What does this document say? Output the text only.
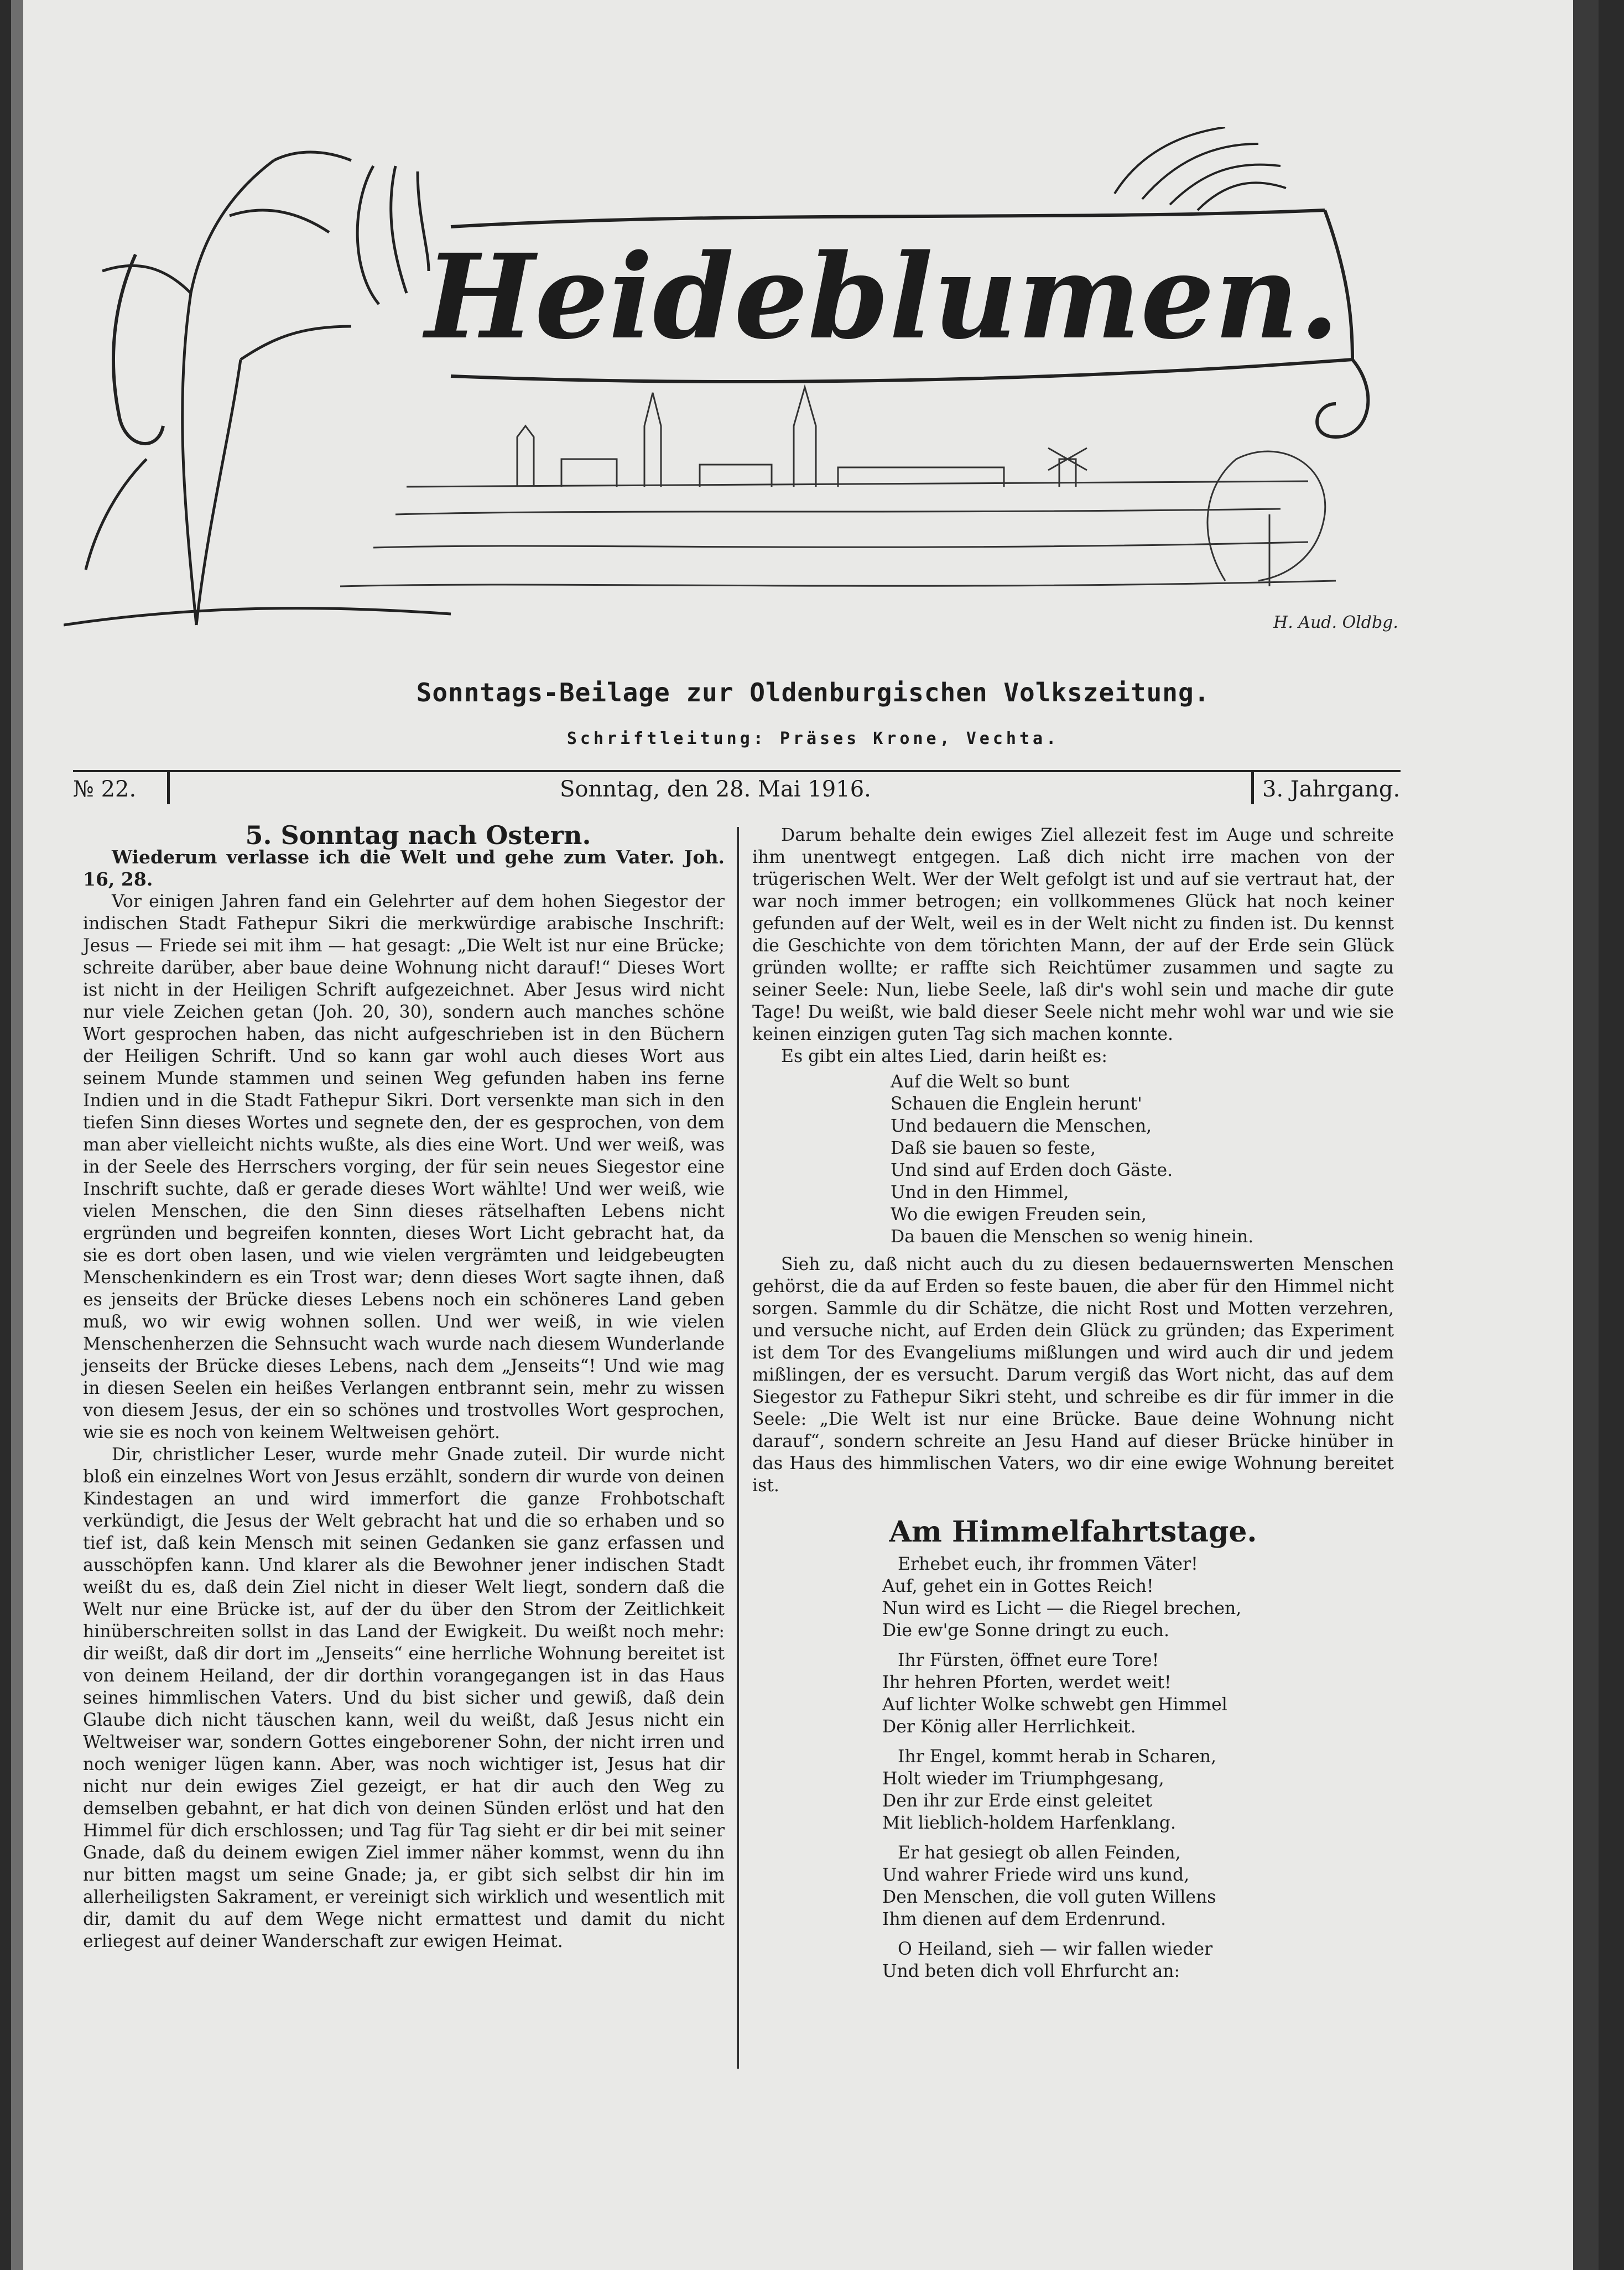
Heideblumen.
H. Aud. Oldbg.
Sonntags-Beilage zur Oldenburgischen Volkszeitung.
Schriftleitung: Präses Krone, Vechta.
№ 22.	Sonntag, den 28. Mai 1916.	3. Jahrgang.

5. Sonntag nach Ostern.

Wiederum verlasse ich die Welt und gehe zum Vater. Joh. 16, 28.

Vor einigen Jahren fand ein Gelehrter auf dem hohen Siegestor der indischen Stadt Fathepur Sikri die merkwürdige arabische Inschrift: Jesus — Friede sei mit ihm — hat gesagt: „Die Welt ist nur eine Brücke; schreite darüber, aber baue deine Wohnung nicht darauf!“ Dieses Wort ist nicht in der Heiligen Schrift aufgezeichnet. Aber Jesus wird nicht nur viele Zeichen getan (Joh. 20, 30), sondern auch manches schöne Wort gesprochen haben, das nicht aufgeschrieben ist in den Büchern der Heiligen Schrift. Und so kann gar wohl auch dieses Wort aus seinem Munde stammen und seinen Weg gefunden haben ins ferne Indien und in die Stadt Fathepur Sikri. Dort versenkte man sich in den tiefen Sinn dieses Wortes und segnete den, der es gesprochen, von dem man aber vielleicht nichts wußte, als dies eine Wort. Und wer weiß, was in der Seele des Herrschers vorging, der für sein neues Siegestor eine Inschrift suchte, daß er gerade dieses Wort wählte! Und wer weiß, wie vielen Menschen, die den Sinn dieses rätselhaften Lebens nicht ergründen und begreifen konnten, dieses Wort Licht gebracht hat, da sie es dort oben lasen, und wie vielen vergrämten und leidgebeugten Menschenkindern es ein Trost war; denn dieses Wort sagte ihnen, daß es jenseits der Brücke dieses Lebens noch ein schöneres Land geben muß, wo wir ewig wohnen sollen. Und wer weiß, in wie vielen Menschenherzen die Sehnsucht wach wurde nach diesem Wunderlande jenseits der Brücke dieses Lebens, nach dem „Jenseits“! Und wie mag in diesen Seelen ein heißes Verlangen entbrannt sein, mehr zu wissen von diesem Jesus, der ein so schönes und trostvolles Wort gesprochen, wie sie es noch von keinem Weltweisen gehört.

Dir, christlicher Leser, wurde mehr Gnade zuteil. Dir wurde nicht bloß ein einzelnes Wort von Jesus erzählt, sondern dir wurde von deinen Kindestagen an und wird immerfort die ganze Frohbotschaft verkündigt, die Jesus der Welt gebracht hat und die so erhaben und so tief ist, daß kein Mensch mit seinen Gedanken sie ganz erfassen und ausschöpfen kann. Und klarer als die Bewohner jener indischen Stadt weißt du es, daß dein Ziel nicht in dieser Welt liegt, sondern daß die Welt nur eine Brücke ist, auf der du über den Strom der Zeitlichkeit hinüberschreiten sollst in das Land der Ewigkeit. Du weißt noch mehr: dir weißt, daß dir dort im „Jenseits“ eine herrliche Wohnung bereitet ist von deinem Heiland, der dir dorthin vorangegangen ist in das Haus seines himmlischen Vaters. Und du bist sicher und gewiß, daß dein Glaube dich nicht täuschen kann, weil du weißt, daß Jesus nicht ein Weltweiser war, sondern Gottes eingeborener Sohn, der nicht irren und noch weniger lügen kann. Aber, was noch wichtiger ist, Jesus hat dir nicht nur dein ewiges Ziel gezeigt, er hat dir auch den Weg zu demselben gebahnt, er hat dich von deinen Sünden erlöst und hat den Himmel für dich erschlossen; und Tag für Tag sieht er dir bei mit seiner Gnade, daß du deinem ewigen Ziel immer näher kommst, wenn du ihn nur bitten magst um seine Gnade; ja, er gibt sich selbst dir hin im allerheiligsten Sakrament, er vereinigt sich wirklich und wesentlich mit dir, damit du auf dem Wege nicht ermattest und damit du nicht erliegest auf deiner Wanderschaft zur ewigen Heimat.

Darum behalte dein ewiges Ziel allezeit fest im Auge und schreite ihm unentwegt entgegen. Laß dich nicht irre machen von der trügerischen Welt. Wer der Welt gefolgt ist und auf sie vertraut hat, der war noch immer betrogen; ein vollkommenes Glück hat noch keiner gefunden auf der Welt, weil es in der Welt nicht zu finden ist. Du kennst die Geschichte von dem törichten Mann, der auf der Erde sein Glück gründen wollte; er raffte sich Reichtümer zusammen und sagte zu seiner Seele: Nun, liebe Seele, laß dir's wohl sein und mache dir gute Tage! Du weißt, wie bald dieser Seele nicht mehr wohl war und wie sie keinen einzigen guten Tag sich machen konnte.

Es gibt ein altes Lied, darin heißt es:

Auf die Welt so bunt
Schauen die Englein herunt'
Und bedauern die Menschen,
Daß sie bauen so feste,
Und sind auf Erden doch Gäste.
Und in den Himmel,
Wo die ewigen Freuden sein,
Da bauen die Menschen so wenig hinein.

Sieh zu, daß nicht auch du zu diesen bedauernswerten Menschen gehörst, die da auf Erden so feste bauen, die aber für den Himmel nicht sorgen. Sammle du dir Schätze, die nicht Rost und Motten verzehren, und versuche nicht, auf Erden dein Glück zu gründen; das Experiment ist dem Tor des Evangeliums mißlungen und wird auch dir und jedem mißlingen, der es versucht. Darum vergiß das Wort nicht, das auf dem Siegestor zu Fathepur Sikri steht, und schreibe es dir für immer in die Seele: „Die Welt ist nur eine Brücke. Baue deine Wohnung nicht darauf“, sondern schreite an Jesu Hand auf dieser Brücke hinüber in das Haus des himmlischen Vaters, wo dir eine ewige Wohnung bereitet ist.

Am Himmelfahrtstage.
Erhebet euch, ihr frommen Väter!
Auf, gehet ein in Gottes Reich!
Nun wird es Licht — die Riegel brechen,
Die ew'ge Sonne dringt zu euch.
Ihr Fürsten, öffnet eure Tore!
Ihr hehren Pforten, werdet weit!
Auf lichter Wolke schwebt gen Himmel
Der König aller Herrlichkeit.
Ihr Engel, kommt herab in Scharen,
Holt wieder im Triumphgesang,
Den ihr zur Erde einst geleitet
Mit lieblich-holdem Harfenklang.
Er hat gesiegt ob allen Feinden,
Und wahrer Friede wird uns kund,
Den Menschen, die voll guten Willens
Ihm dienen auf dem Erdenrund.
O Heiland, sieh — wir fallen wieder
Und beten dich voll Ehrfurcht an:
